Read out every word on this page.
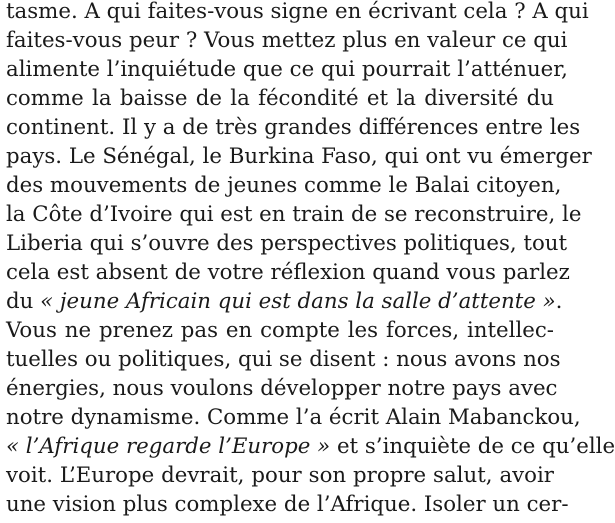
tasme. A qui faites-vous signe en écrivant cela ? A qui
faites-vous peur ? Vous mettez plus en valeur ce qui
alimente l’inquiétude que ce qui pourrait l’atténuer,
comme la baisse de la fécondité et la diversité du
continent. Il y a de très grandes différences entre les
pays. Le Sénégal, le Burkina Faso, qui ont vu émerger
des mouvements de jeunes comme le Balai citoyen,
la Côte d’Ivoire qui est en train de se reconstruire, le
Liberia qui s’ouvre des perspectives politiques, tout
cela est absent de votre réflexion quand vous parlez
du « jeune Africain qui est dans la salle d’attente ».
Vous ne prenez pas en compte les forces, intellec-
tuelles ou politiques, qui se disent : nous avons nos
énergies, nous voulons développer notre pays avec
notre dynamisme. Comme l’a écrit Alain Mabanckou,
« l’Afrique regarde l’Europe » et s’inquiète de ce qu’elle
voit. L’Europe devrait, pour son propre salut, avoir
une vision plus complexe de l’Afrique. Isoler un cer-
